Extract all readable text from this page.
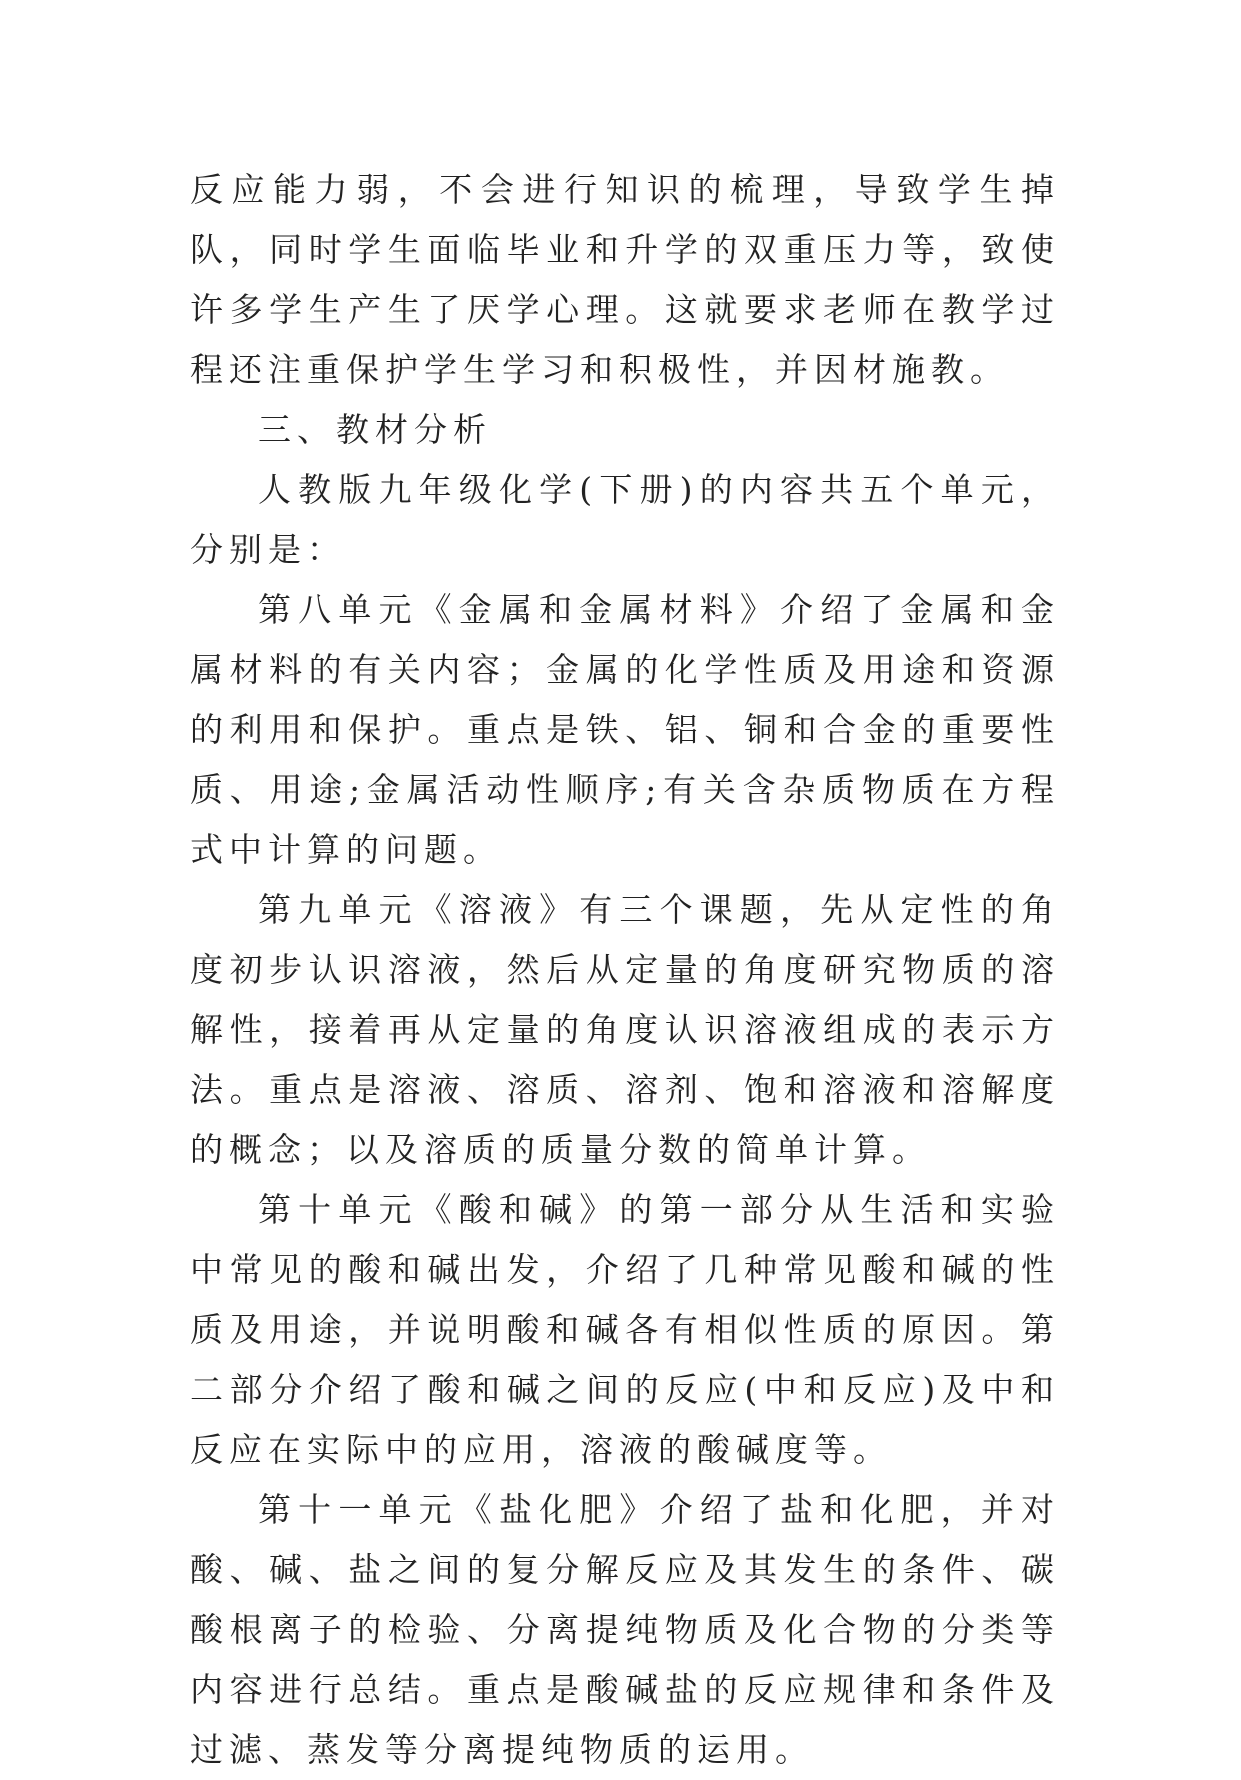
反应能力弱，不会进行知识的梳理，导致学生掉队，同时学生面临毕业和升学的双重压力等，致使许多学生产生了厌学心理。这就要求老师在教学过程还注重保护学生学习和积极性，并因材施教。

三、教材分析

人教版九年级化学(下册)的内容共五个单元，分别是：

第八单元《金属和金属材料》介绍了金属和金属材料的有关内容；金属的化学性质及用途和资源的利用和保护。重点是铁、铝、铜和合金的重要性质、用途;金属活动性顺序;有关含杂质物质在方程式中计算的问题。

第九单元《溶液》有三个课题，先从定性的角度初步认识溶液，然后从定量的角度研究物质的溶解性，接着再从定量的角度认识溶液组成的表示方法。重点是溶液、溶质、溶剂、饱和溶液和溶解度的概念；以及溶质的质量分数的简单计算。

第十单元《酸和碱》的第一部分从生活和实验中常见的酸和碱出发，介绍了几种常见酸和碱的性质及用途，并说明酸和碱各有相似性质的原因。第二部分介绍了酸和碱之间的反应(中和反应)及中和反应在实际中的应用，溶液的酸碱度等。

第十一单元《盐化肥》介绍了盐和化肥，并对酸、碱、盐之间的复分解反应及其发生的条件、碳酸根离子的检验、分离提纯物质及化合物的分类等内容进行总结。重点是酸碱盐的反应规律和条件及过滤、蒸发等分离提纯物质的运用。
